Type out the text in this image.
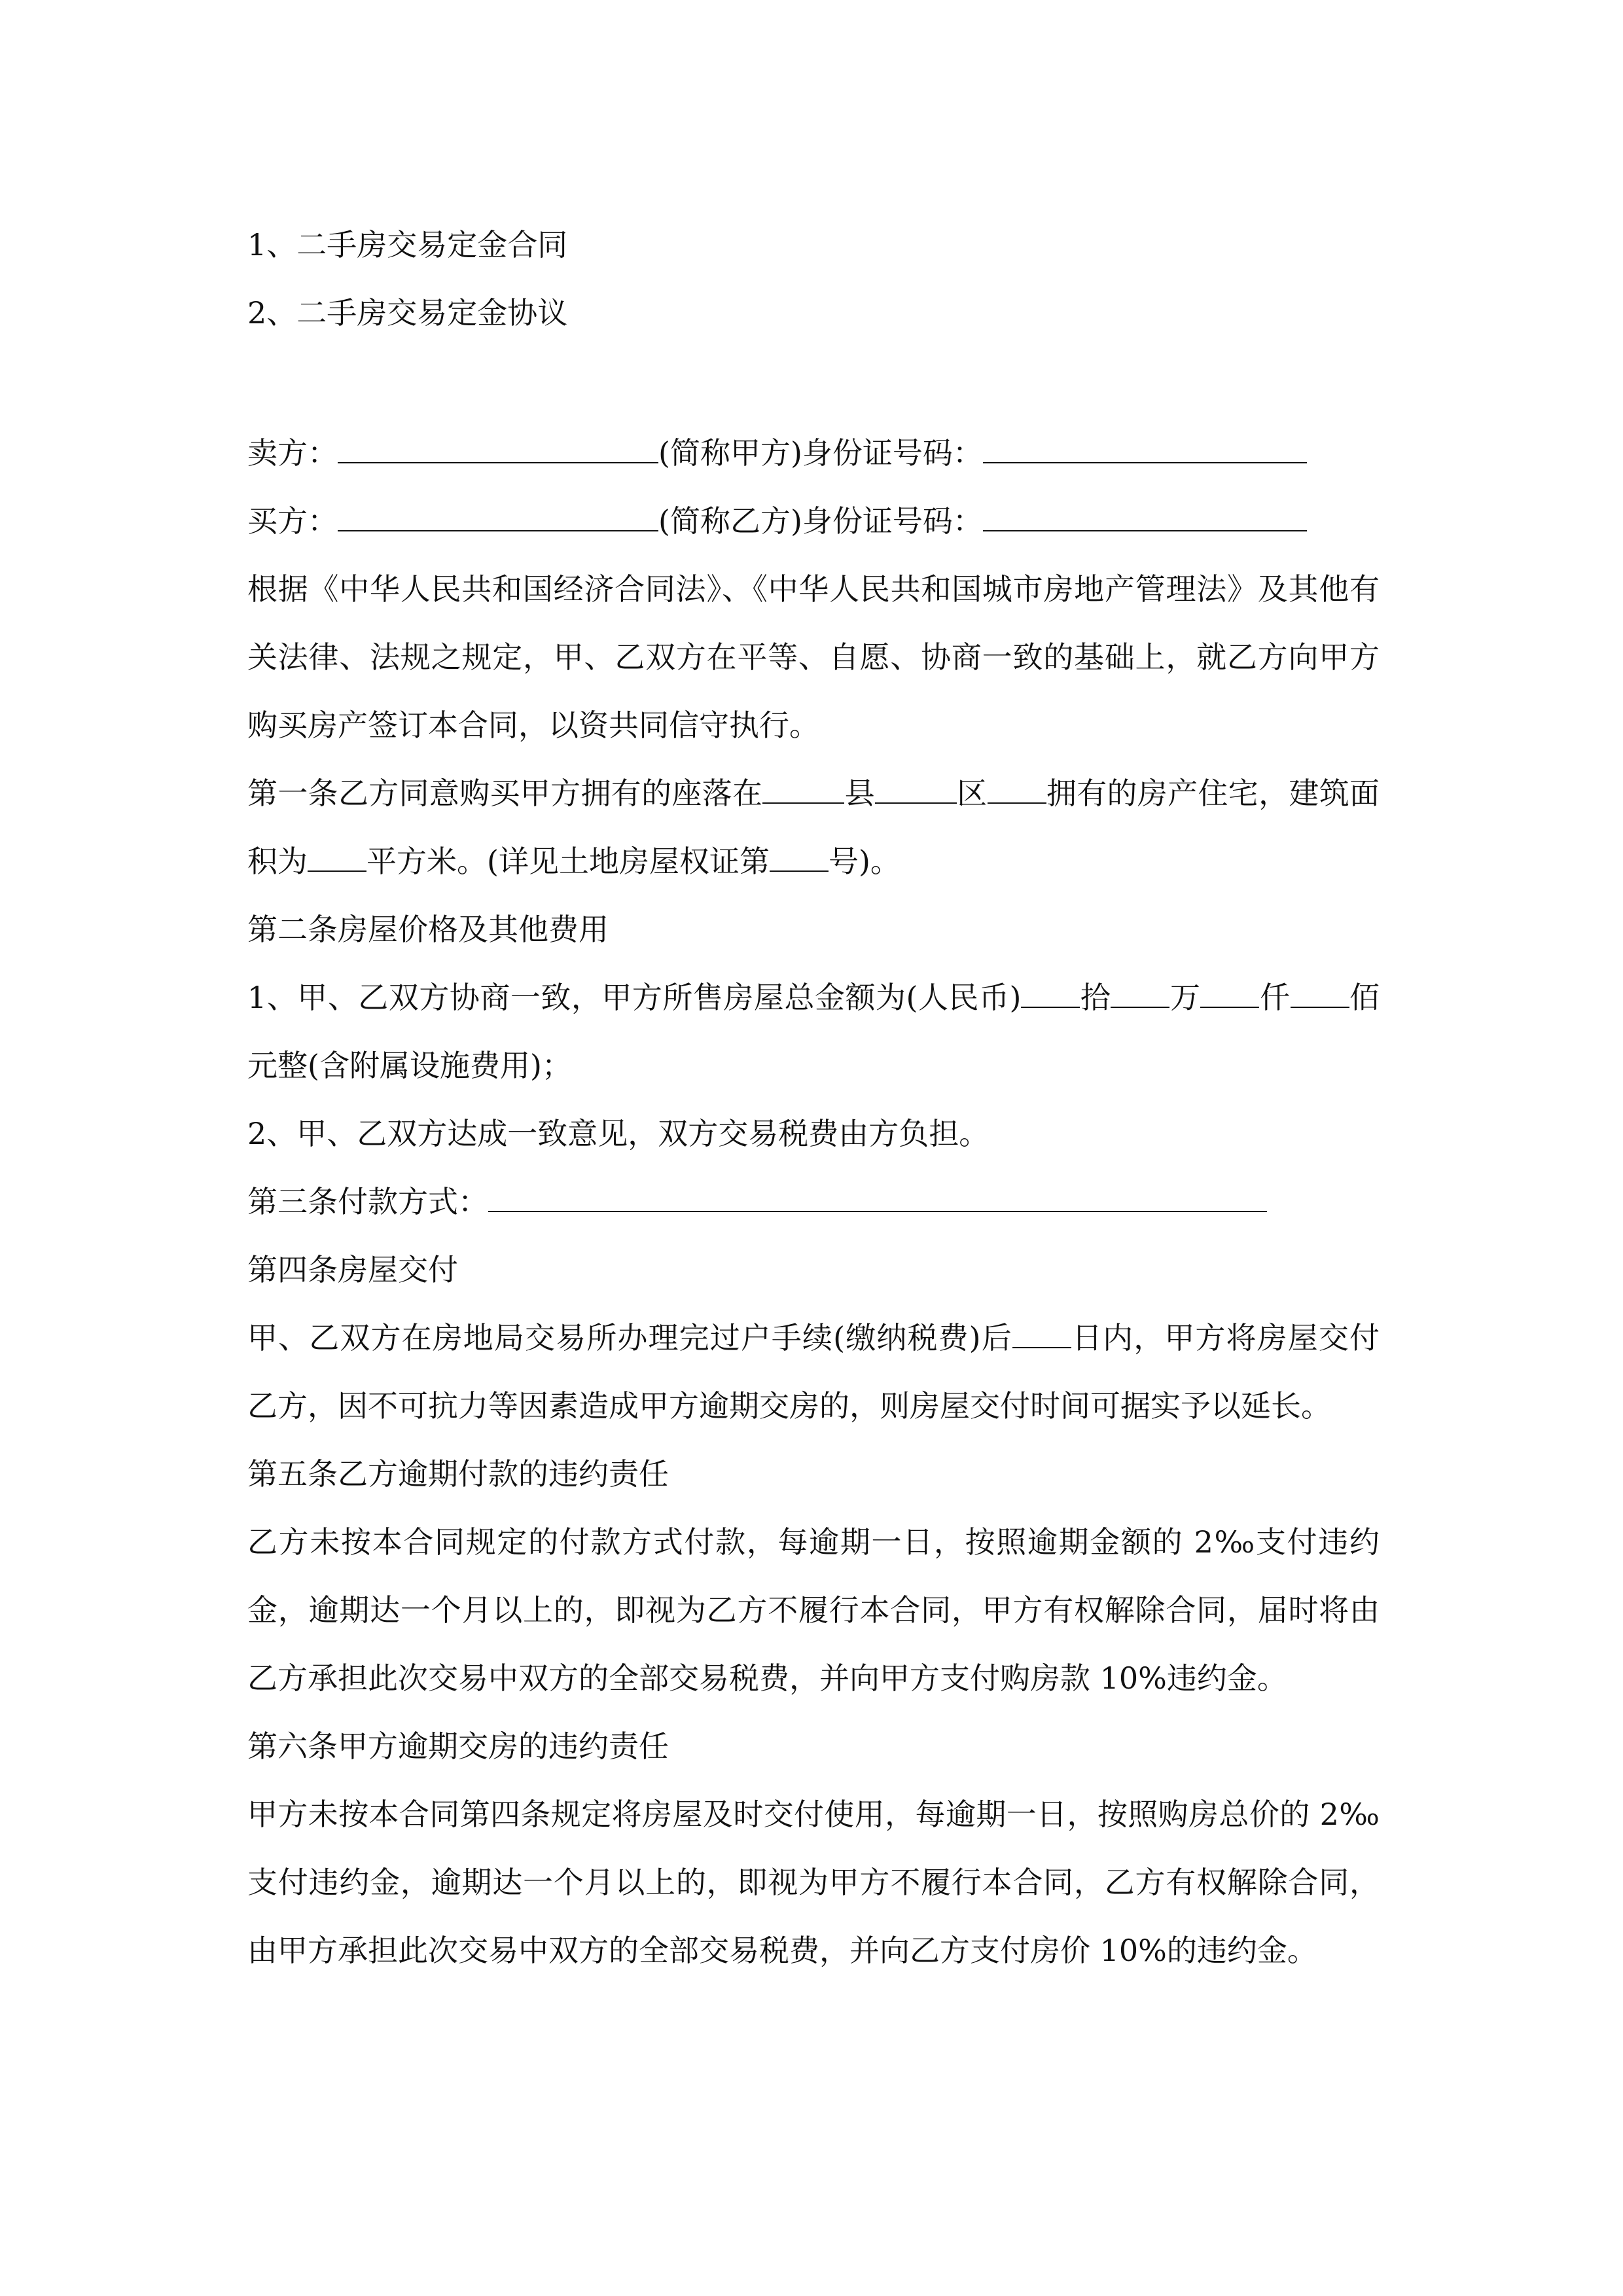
1、二手房交易定金合同
2、二手房交易定金协议
卖方：	(简称甲方)身份证号码：
买方：	(简称乙方)身份证号码：
根据《中华人民共和国经济合同法》、《中华人民共和国城市房地产管理法》及其他有关法律、法规之规定，甲、乙双方在平等、自愿、协商一致的基础上，就乙方向甲方购买房产签订本合同，以资共同信守执行。
第一条乙方同意购买甲方拥有的座落在	县	区 拥有的房产住宅，建筑面积为 平方米。(详见土地房屋权证第 号)。
第二条房屋价格及其他费用
1、甲、乙双方协商一致，甲方所售房屋总金额为(人民币) 拾 万 仟 佰元整(含附属设施费用)；
2、甲、乙双方达成一致意见，双方交易税费由方负担。
第三条付款方式：
第四条房屋交付
甲、乙双方在房地局交易所办理完过户手续(缴纳税费)后 日内，甲方将房屋交付乙方，因不可抗力等因素造成甲方逾期交房的，则房屋交付时间可据实予以延长。
第五条乙方逾期付款的违约责任
乙方未按本合同规定的付款方式付款，每逾期一日，按照逾期金额的 2‰支付违约金，逾期达一个月以上的，即视为乙方不履行本合同，甲方有权解除合同，届时将由乙方承担此次交易中双方的全部交易税费，并向甲方支付购房款 10%违约金。
第六条甲方逾期交房的违约责任
甲方未按本合同第四条规定将房屋及时交付使用，每逾期一日，按照购房总价的 2‰支付违约金，逾期达一个月以上的，即视为甲方不履行本合同，乙方有权解除合同，由甲方承担此次交易中双方的全部交易税费，并向乙方支付房价 10%的违约金。
